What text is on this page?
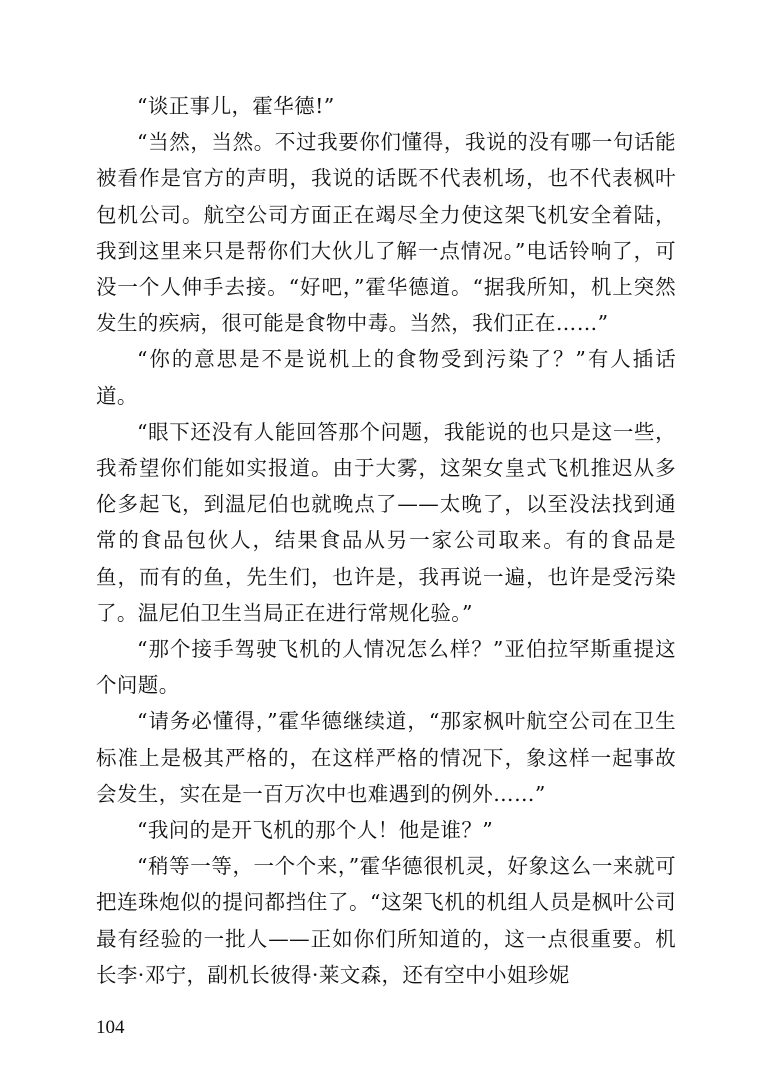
“谈正事儿，霍华德!”

“当然，当然。不过我要你们懂得，我说的没有哪一句话能被看作是官方的声明，我说的话既不代表机场，也不代表枫叶包机公司。航空公司方面正在竭尽全力使这架飞机安全着陆，我到这里来只是帮你们大伙儿了解一点情况。”电话铃响了，可没一个人伸手去接。“好吧，”霍华德道。“据我所知，机上突然发生的疾病，很可能是食物中毒。当然，我们正在……”

“你的意思是不是说机上的食物受到污染了？”有人插话道。

“眼下还没有人能回答那个问题，我能说的也只是这一些，我希望你们能如实报道。由于大雾，这架女皇式飞机推迟从多伦多起飞，到温尼伯也就晚点了——太晚了，以至没法找到通常的食品包伙人，结果食品从另一家公司取来。有的食品是鱼，而有的鱼，先生们，也许是，我再说一遍，也许是受污染了。温尼伯卫生当局正在进行常规化验。”

“那个接手驾驶飞机的人情况怎么样？”亚伯拉罕斯重提这个问题。

“请务必懂得，”霍华德继续道，“那家枫叶航空公司在卫生标准上是极其严格的，在这样严格的情况下，象这样一起事故会发生，实在是一百万次中也难遇到的例外……”

“我问的是开飞机的那个人！他是谁？”

“稍等一等，一个个来，”霍华德很机灵，好象这么一来就可把连珠炮似的提问都挡住了。“这架飞机的机组人员是枫叶公司最有经验的一批人——正如你们所知道的，这一点很重要。机长李·邓宁，副机长彼得·莱文森，还有空中小姐珍妮

104
